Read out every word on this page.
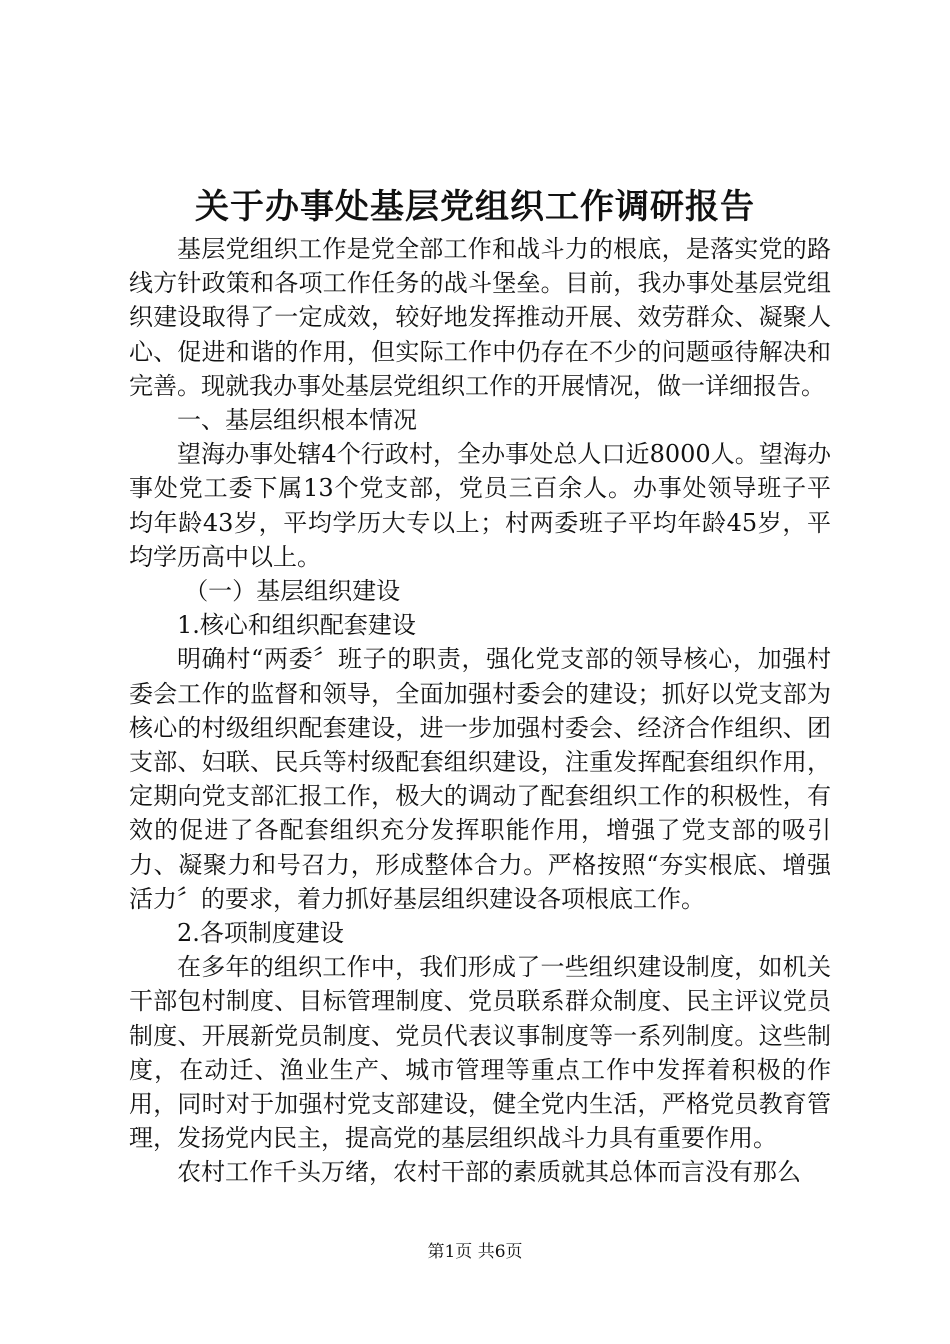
关于办事处基层党组织工作调研报告

基层党组织工作是党全部工作和战斗力的根底，是落实党的路线方针政策和各项工作任务的战斗堡垒。目前，我办事处基层党组织建设取得了一定成效，较好地发挥推动开展、效劳群众、凝聚人心、促进和谐的作用，但实际工作中仍存在不少的问题亟待解决和完善。现就我办事处基层党组织工作的开展情况，做一详细报告。

一、基层组织根本情况

望海办事处辖4个行政村，全办事处总人口近8000人。望海办事处党工委下属13个党支部，党员三百余人。办事处领导班子平均年龄43岁，平均学历大专以上；村两委班子平均年龄45岁，平均学历高中以上。

（一）基层组织建设

1.核心和组织配套建设

明确村“两委〞班子的职责，强化党支部的领导核心，加强村委会工作的监督和领导，全面加强村委会的建设；抓好以党支部为核心的村级组织配套建设，进一步加强村委会、经济合作组织、团支部、妇联、民兵等村级配套组织建设，注重发挥配套组织作用，定期向党支部汇报工作，极大的调动了配套组织工作的积极性，有效的促进了各配套组织充分发挥职能作用，增强了党支部的吸引力、凝聚力和号召力，形成整体合力。严格按照“夯实根底、增强活力〞的要求，着力抓好基层组织建设各项根底工作。

2.各项制度建设

在多年的组织工作中，我们形成了一些组织建设制度，如机关干部包村制度、目标管理制度、党员联系群众制度、民主评议党员制度、开展新党员制度、党员代表议事制度等一系列制度。这些制度，在动迁、渔业生产、城市管理等重点工作中发挥着积极的作用，同时对于加强村党支部建设，健全党内生活，严格党员教育管理，发扬党内民主，提高党的基层组织战斗力具有重要作用。

农村工作千头万绪，农村干部的素质就其总体而言没有那么

第1页 共6页
